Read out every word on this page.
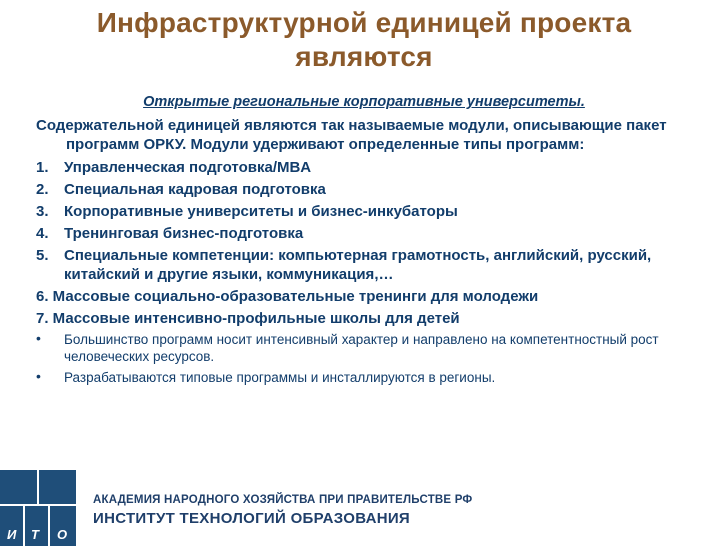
Инфраструктурной единицей проекта
являются
Открытые региональные корпоративные университеты.

Содержательной единицей являются так называемые модули, описывающие пакет программ ОРКУ. Модули удерживают определенные типы программ:

1. Управленческая подготовка/MBA
2. Специальная кадровая подготовка
3. Корпоративные университеты и бизнес-инкубаторы
4. Тренинговая бизнес-подготовка
5. Специальные компетенции: компьютерная грамотность, английский, русский, китайский и другие языки, коммуникация,…
6. Массовые социально-образовательные тренинги для молодежи
7. Массовые интенсивно-профильные школы для детей
• Большинство программ носит интенсивный характер и направлено на компетентностный рост человеческих ресурсов.
• Разрабатываются типовые программы и инсталлируются в регионы.
И Т О
АКАДЕМИЯ НАРОДНОГО ХОЗЯЙСТВА ПРИ ПРАВИТЕЛЬСТВЕ РФ
ИНСТИТУТ ТЕХНОЛОГИЙ ОБРАЗОВАНИЯ
